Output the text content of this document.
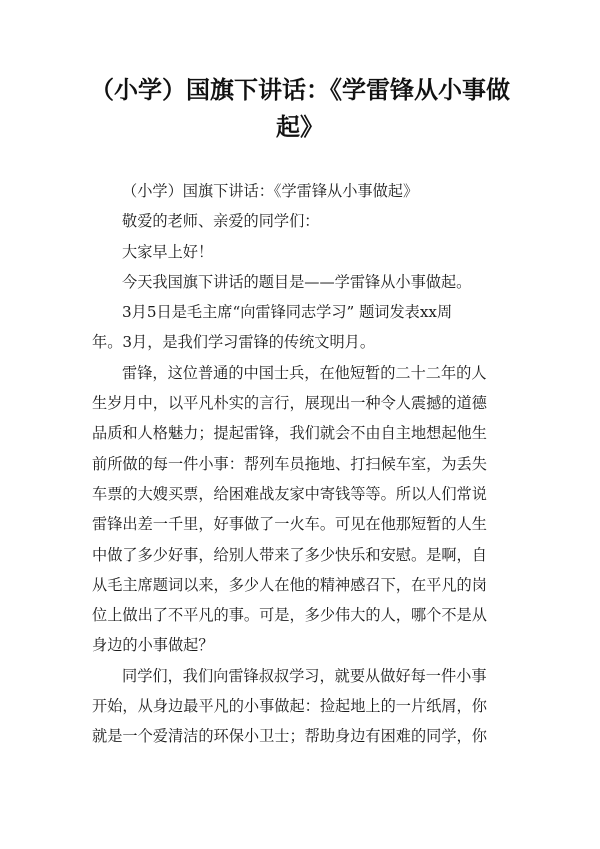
（小学）国旗下讲话：《学雷锋从小事做
起》
（小学）国旗下讲话：《学雷锋从小事做起》
敬爱的老师、亲爱的同学们：
大家早上好！
今天我国旗下讲话的题目是——学雷锋从小事做起。
3月5日是毛主席“向雷锋同志学习” 题词发表xx周
年。3月，是我们学习雷锋的传统文明月。
雷锋，这位普通的中国士兵，在他短暂的二十二年的人
生岁月中，以平凡朴实的言行，展现出一种令人震撼的道德
品质和人格魅力；提起雷锋，我们就会不由自主地想起他生
前所做的每一件小事：帮列车员拖地、打扫候车室，为丢失
车票的大嫂买票，给困难战友家中寄钱等等。所以人们常说
雷锋出差一千里，好事做了一火车。可见在他那短暂的人生
中做了多少好事，给别人带来了多少快乐和安慰。是啊，自
从毛主席题词以来，多少人在他的精神感召下，在平凡的岗
位上做出了不平凡的事。可是，多少伟大的人，哪个不是从
身边的小事做起？
同学们，我们向雷锋叔叔学习，就要从做好每一件小事
开始，从身边最平凡的小事做起：捡起地上的一片纸屑，你
就是一个爱清洁的环保小卫士；帮助身边有困难的同学，你
